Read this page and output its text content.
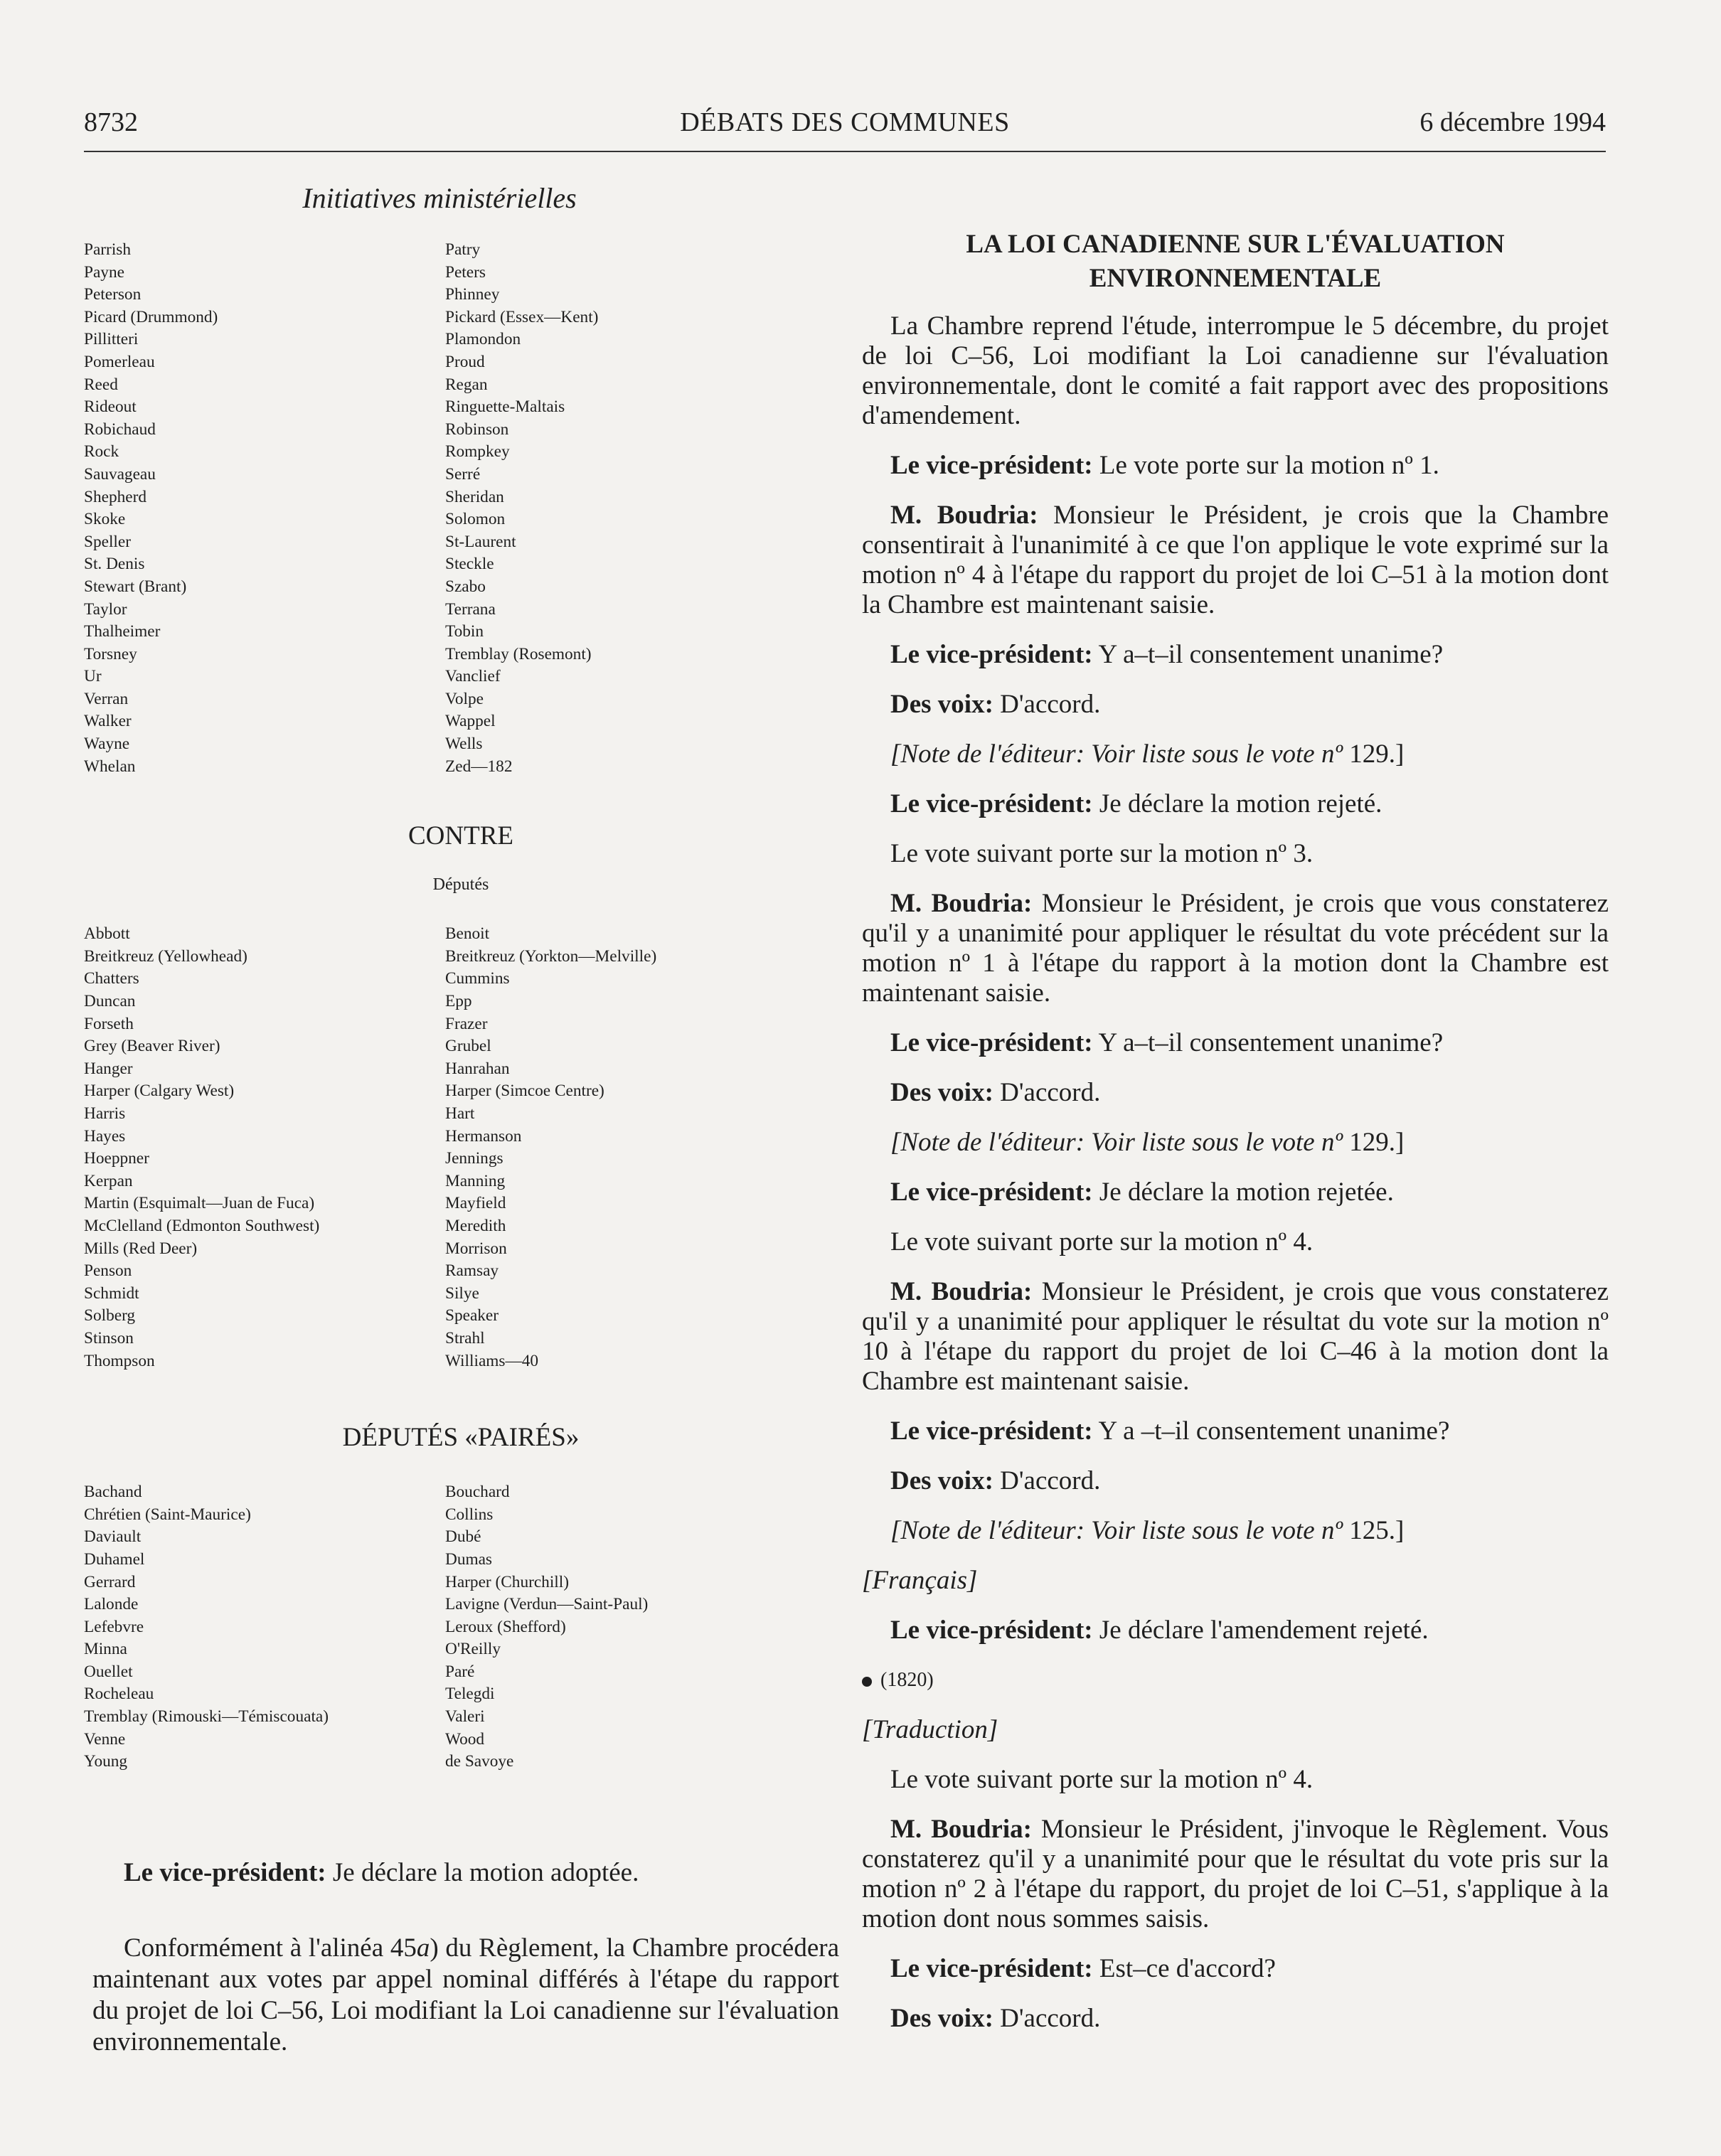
8732	DÉBATS DES COMMUNES	6 décembre 1994
Initiatives ministérielles
Parrish	Patry
Payne	Peters
Peterson	Phinney
Picard (Drummond)	Pickard (Essex—Kent)
Pillitteri	Plamondon
Pomerleau	Proud
Reed	Regan
Rideout	Ringuette-Maltais
Robichaud	Robinson
Rock	Rompkey
Sauvageau	Serré
Shepherd	Sheridan
Skoke	Solomon
Speller	St-Laurent
St. Denis	Steckle
Stewart (Brant)	Szabo
Taylor	Terrana
Thalheimer	Tobin
Torsney	Tremblay (Rosemont)
Ur	Vanclief
Verran	Volpe
Walker	Wappel
Wayne	Wells
Whelan	Zed—182
CONTRE
Députés
Abbott	Benoit
Breitkreuz (Yellowhead)	Breitkreuz (Yorkton—Melville)
Chatters	Cummins
Duncan	Epp
Forseth	Frazer
Grey (Beaver River)	Grubel
Hanger	Hanrahan
Harper (Calgary West)	Harper (Simcoe Centre)
Harris	Hart
Hayes	Hermanson
Hoeppner	Jennings
Kerpan	Manning
Martin (Esquimalt—Juan de Fuca)	Mayfield
McClelland (Edmonton Southwest)	Meredith
Mills (Red Deer)	Morrison
Penson	Ramsay
Schmidt	Silye
Solberg	Speaker
Stinson	Strahl
Thompson	Williams—40
DÉPUTÉS «PAIRÉS»
Bachand	Bouchard
Chrétien (Saint-Maurice)	Collins
Daviault	Dubé
Duhamel	Dumas
Gerrard	Harper (Churchill)
Lalonde	Lavigne (Verdun—Saint-Paul)
Lefebvre	Leroux (Shefford)
Minna	O'Reilly
Ouellet	Paré
Rocheleau	Telegdi
Tremblay (Rimouski—Témiscouata)	Valeri
Venne	Wood
Young	de Savoye

Le vice-président: Je déclare la motion adoptée.

Conformément à l'alinéa 45a) du Règlement, la Chambre procédera maintenant aux votes par appel nominal différés à l'étape du rapport du projet de loi C–56, Loi modifiant la Loi canadienne sur l'évaluation environnementale.

LA LOI CANADIENNE SUR L'ÉVALUATION
ENVIRONNEMENTALE

La Chambre reprend l'étude, interrompue le 5 décembre, du projet de loi C–56, Loi modifiant la Loi canadienne sur l'évaluation environnementale, dont le comité a fait rapport avec des propositions d'amendement.

Le vice-président: Le vote porte sur la motion nº 1.

M. Boudria: Monsieur le Président, je crois que la Chambre consentirait à l'unanimité à ce que l'on applique le vote exprimé sur la motion nº 4 à l'étape du rapport du projet de loi C–51 à la motion dont la Chambre est maintenant saisie.

Le vice-président: Y a–t–il consentement unanime?

Des voix: D'accord.

[Note de l'éditeur: Voir liste sous le vote nº 129.]

Le vice-président: Je déclare la motion rejeté.

Le vote suivant porte sur la motion nº 3.

M. Boudria: Monsieur le Président, je crois que vous constaterez qu'il y a unanimité pour appliquer le résultat du vote précédent sur la motion nº 1 à l'étape du rapport à la motion dont la Chambre est maintenant saisie.

Le vice-président: Y a–t–il consentement unanime?

Des voix: D'accord.

[Note de l'éditeur: Voir liste sous le vote nº 129.]

Le vice-président: Je déclare la motion rejetée.

Le vote suivant porte sur la motion nº 4.

M. Boudria: Monsieur le Président, je crois que vous constaterez qu'il y a unanimité pour appliquer le résultat du vote sur la motion nº 10 à l'étape du rapport du projet de loi C–46 à la motion dont la Chambre est maintenant saisie.

Le vice-président: Y a –t–il consentement unanime?

Des voix: D'accord.

[Note de l'éditeur: Voir liste sous le vote nº 125.]

[Français]

Le vice-président: Je déclare l'amendement rejeté.

(1820)

[Traduction]

Le vote suivant porte sur la motion nº 4.

M. Boudria: Monsieur le Président, j'invoque le Règlement. Vous constaterez qu'il y a unanimité pour que le résultat du vote pris sur la motion nº 2 à l'étape du rapport, du projet de loi C–51, s'applique à la motion dont nous sommes saisis.

Le vice-président: Est–ce d'accord?

Des voix: D'accord.
